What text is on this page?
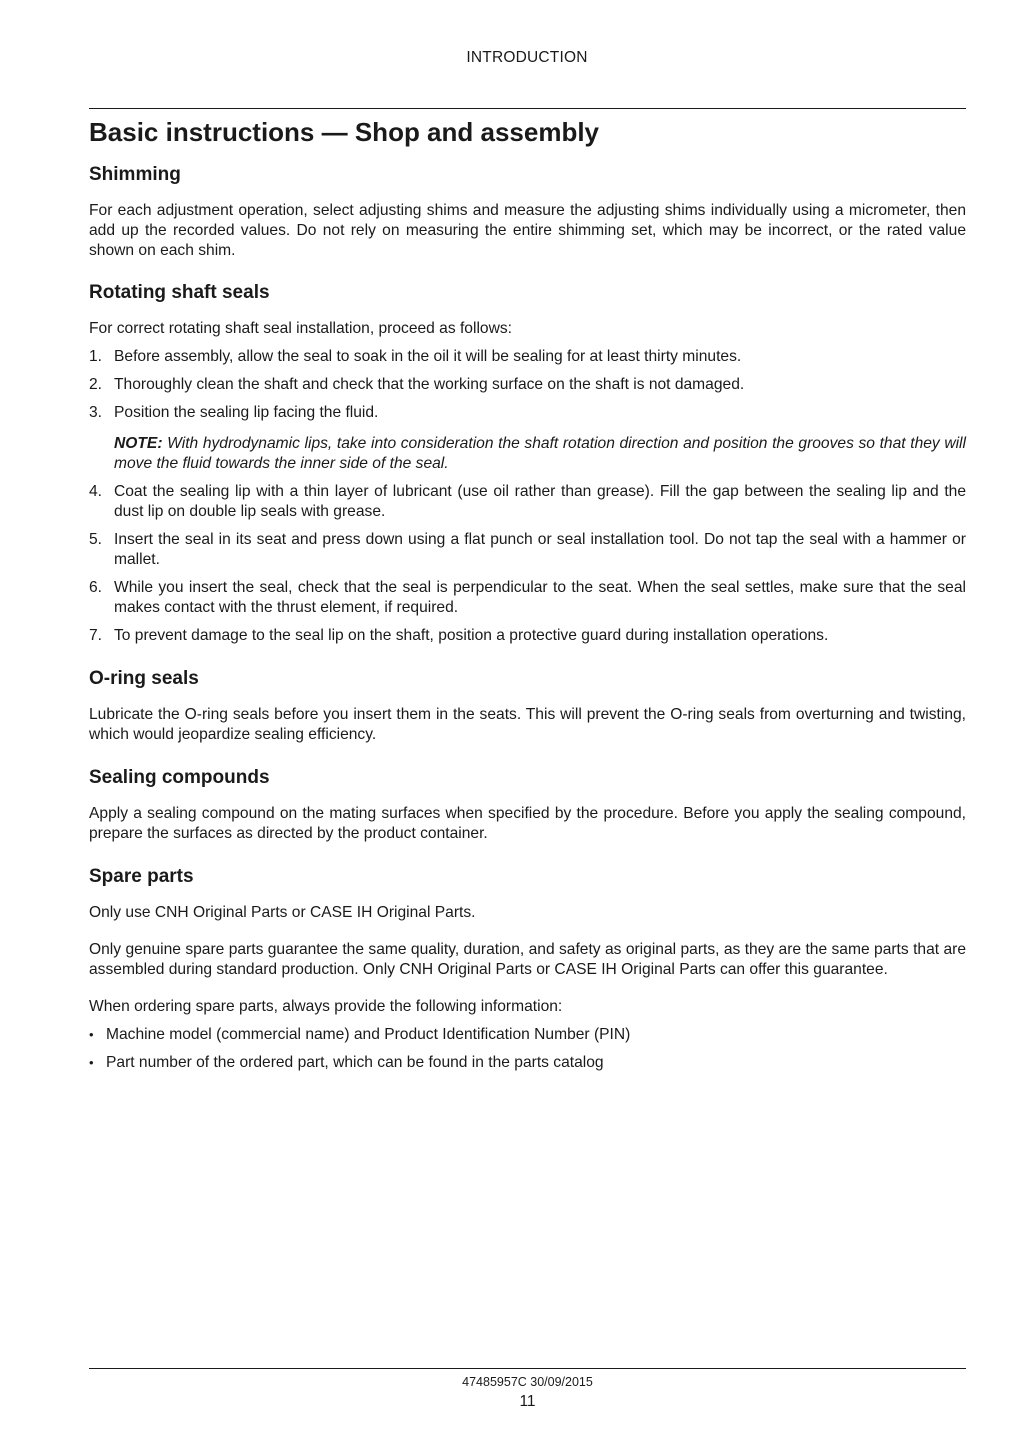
INTRODUCTION
Basic instructions — Shop and assembly
Shimming

For each adjustment operation, select adjusting shims and measure the adjusting shims individually using a micrometer, then add up the recorded values. Do not rely on measuring the entire shimming set, which may be incorrect, or the rated value shown on each shim.

Rotating shaft seals

For correct rotating shaft seal installation, proceed as follows:

1. Before assembly, allow the seal to soak in the oil it will be sealing for at least thirty minutes.
2. Thoroughly clean the shaft and check that the working surface on the shaft is not damaged.
3. Position the sealing lip facing the fluid.
NOTE: With hydrodynamic lips, take into consideration the shaft rotation direction and position the grooves so that they will move the fluid towards the inner side of the seal.
4. Coat the sealing lip with a thin layer of lubricant (use oil rather than grease). Fill the gap between the sealing lip and the dust lip on double lip seals with grease.
5. Insert the seal in its seat and press down using a flat punch or seal installation tool. Do not tap the seal with a hammer or mallet.
6. While you insert the seal, check that the seal is perpendicular to the seat. When the seal settles, make sure that the seal makes contact with the thrust element, if required.
7. To prevent damage to the seal lip on the shaft, position a protective guard during installation operations.
O-ring seals

Lubricate the O-ring seals before you insert them in the seats. This will prevent the O-ring seals from overturning and twisting, which would jeopardize sealing efficiency.

Sealing compounds

Apply a sealing compound on the mating surfaces when specified by the procedure. Before you apply the sealing compound, prepare the surfaces as directed by the product container.

Spare parts

Only use CNH Original Parts or CASE IH Original Parts.

Only genuine spare parts guarantee the same quality, duration, and safety as original parts, as they are the same parts that are assembled during standard production. Only CNH Original Parts or CASE IH Original Parts can offer this guarantee.

When ordering spare parts, always provide the following information:

• Machine model (commercial name) and Product Identification Number (PIN)
• Part number of the ordered part, which can be found in the parts catalog
47485957C 30/09/2015
11
